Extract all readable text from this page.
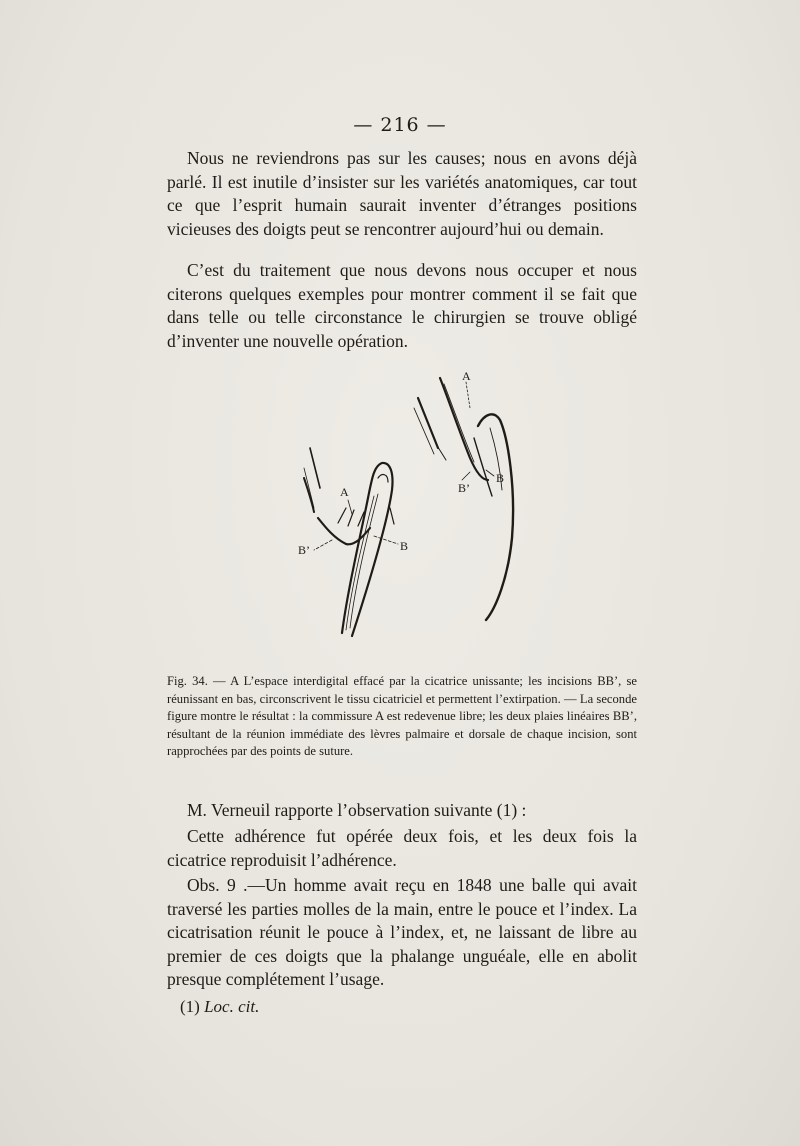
— 216 —

Nous ne reviendrons pas sur les causes; nous en avons déjà parlé. Il est inutile d’insister sur les variétés anatomiques, car tout ce que l’esprit humain saurait inventer d’étranges positions vicieuses des doigts peut se rencontrer aujourd’hui ou demain.

C’est du traitement que nous devons nous occuper et nous citerons quelques exemples pour montrer comment il se fait que dans telle ou telle circonstance le chirurgien se trouve obligé d’inventer une nouvelle opération.

A
B
B’
A
B
B’
Fig. 34. — A L’espace interdigital effacé par la cicatrice unissante; les incisions BB’, se réunissant en bas, circonscrivent le tissu cicatriciel et permettent l’extirpation. — La seconde figure montre le résultat : la commissure A est redevenue libre; les deux plaies linéaires BB’, résultant de la réunion immédiate des lèvres palmaire et dorsale de chaque incision, sont rapprochées par des points de suture.

M. Verneuil rapporte l’observation suivante (1) :

Cette adhérence fut opérée deux fois, et les deux fois la cicatrice reproduisit l’adhérence.

Obs. 9 .—Un homme avait reçu en 1848 une balle qui avait traversé les parties molles de la main, entre le pouce et l’index. La cicatrisation réunit le pouce à l’index, et, ne laissant de libre au premier de ces doigts que la phalange unguéale, elle en abolit presque complétement l’usage.

(1) Loc. cit.
